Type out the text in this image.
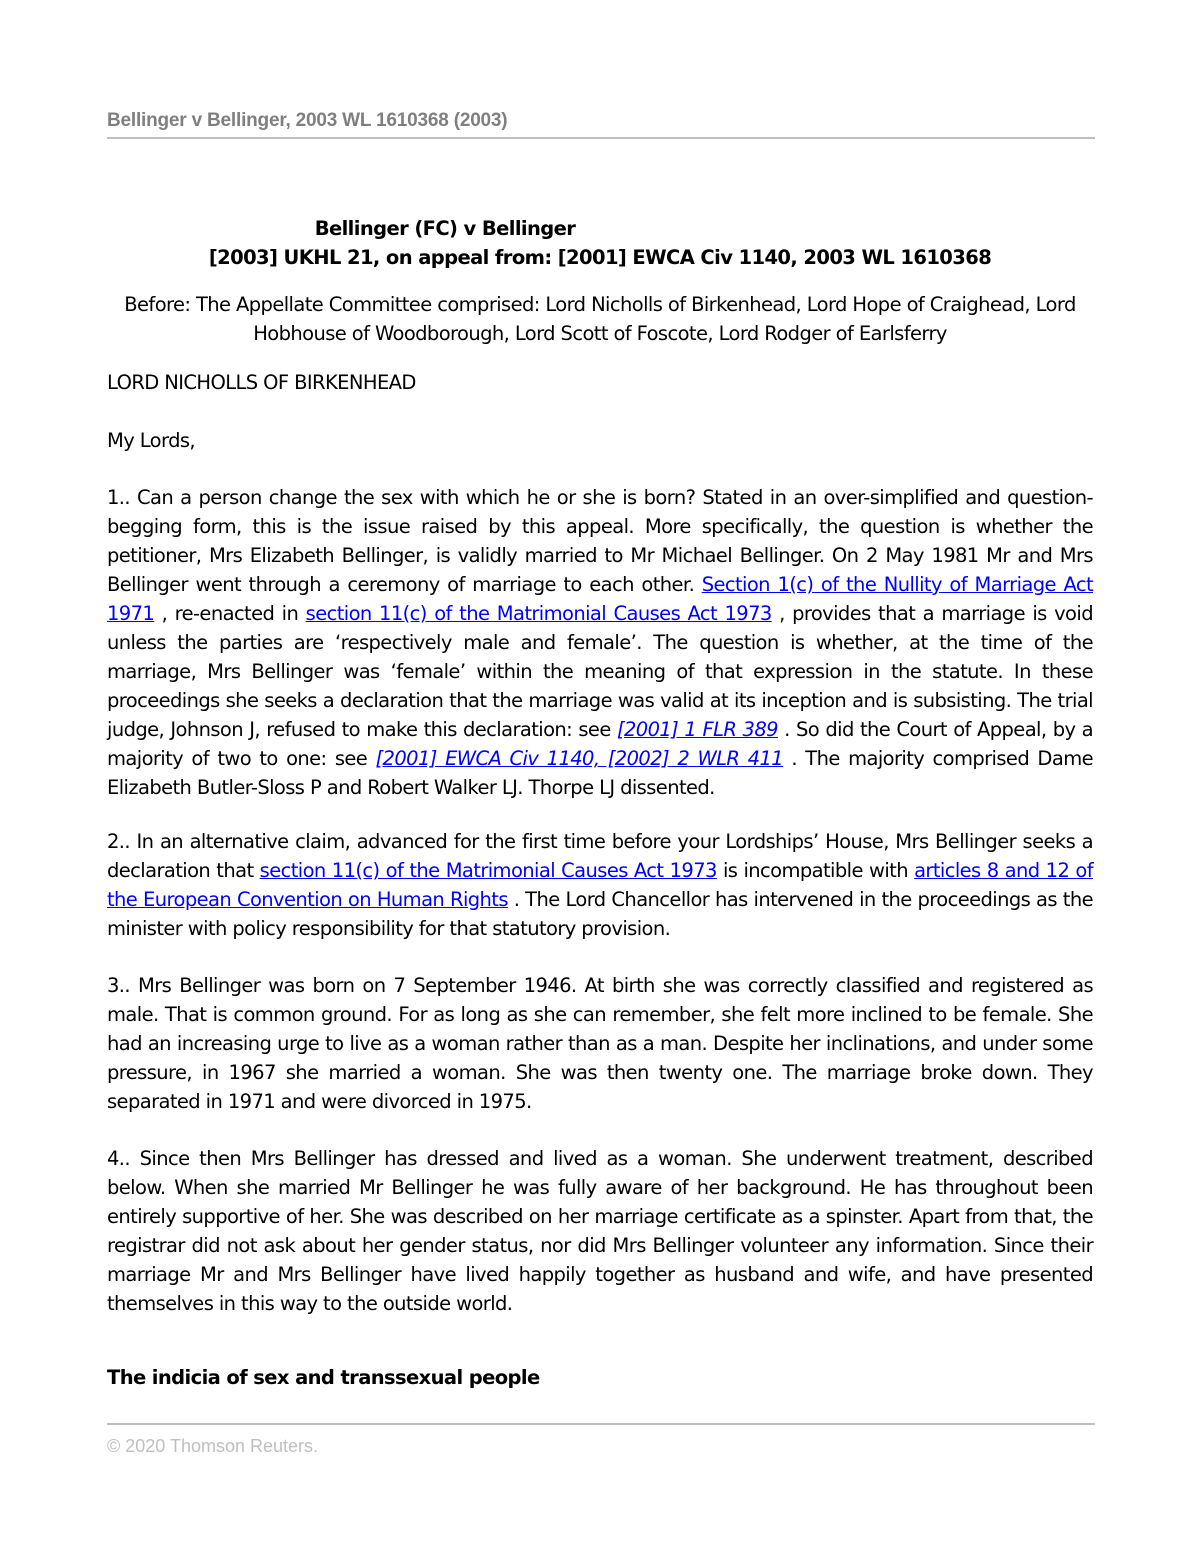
Bellinger v Bellinger, 2003 WL 1610368 (2003)
Bellinger (FC) v Bellinger
[2003] UKHL 21, on appeal from: [2001] EWCA Civ 1140, 2003 WL 1610368
Before: The Appellate Committee comprised: Lord Nicholls of Birkenhead, Lord Hope of Craighead, Lord Hobhouse of Woodborough, Lord Scott of Foscote, Lord Rodger of Earlsferry
LORD NICHOLLS OF BIRKENHEAD
My Lords,
1.. Can a person change the sex with which he or she is born? Stated in an over-simplified and question-begging form, this is the issue raised by this appeal. More specifically, the question is whether the petitioner, Mrs Elizabeth Bellinger, is validly married to Mr Michael Bellinger. On 2 May 1981 Mr and Mrs Bellinger went through a ceremony of marriage to each other. Section 1(c) of the Nullity of Marriage Act 1971 , re-enacted in section 11(c) of the Matrimonial Causes Act 1973 , provides that a marriage is void unless the parties are ‘respectively male and female’. The question is whether, at the time of the marriage, Mrs Bellinger was ‘female’ within the meaning of that expression in the statute. In these proceedings she seeks a declaration that the marriage was valid at its inception and is subsisting. The trial judge, Johnson J, refused to make this declaration: see [2001] 1 FLR 389 . So did the Court of Appeal, by a majority of two to one: see [2001] EWCA Civ 1140, [2002] 2 WLR 411 . The majority comprised Dame Elizabeth Butler-Sloss P and Robert Walker LJ. Thorpe LJ dissented.
2.. In an alternative claim, advanced for the first time before your Lordships’ House, Mrs Bellinger seeks a declaration that section 11(c) of the Matrimonial Causes Act 1973 is incompatible with articles 8 and 12 of the European Convention on Human Rights . The Lord Chancellor has intervened in the proceedings as the minister with policy responsibility for that statutory provision.
3.. Mrs Bellinger was born on 7 September 1946. At birth she was correctly classified and registered as male. That is common ground. For as long as she can remember, she felt more inclined to be female. She had an increasing urge to live as a woman rather than as a man. Despite her inclinations, and under some pressure, in 1967 she married a woman. She was then twenty one. The marriage broke down. They separated in 1971 and were divorced in 1975.
4.. Since then Mrs Bellinger has dressed and lived as a woman. She underwent treatment, described below. When she married Mr Bellinger he was fully aware of her background. He has throughout been entirely supportive of her. She was described on her marriage certificate as a spinster. Apart from that, the registrar did not ask about her gender status, nor did Mrs Bellinger volunteer any information. Since their marriage Mr and Mrs Bellinger have lived happily together as husband and wife, and have presented themselves in this way to the outside world.
The indicia of sex and transsexual people
© 2020 Thomson Reuters.
